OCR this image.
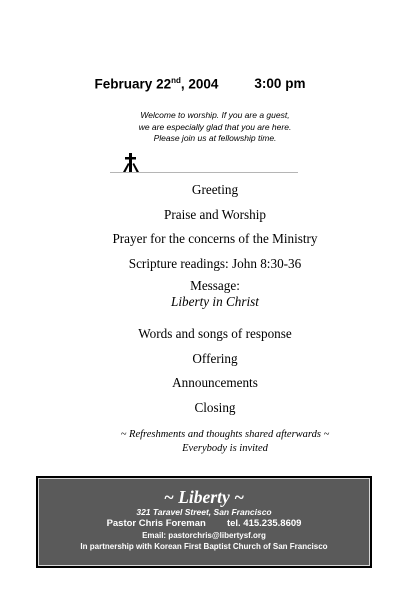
February 22nd, 2004	3:00 pm
Welcome to worship. If you are a guest,
we are especially glad that you are here.
Please join us at fellowship time.
Greeting
Praise and Worship
Prayer for the concerns of the Ministry
Scripture readings: John 8:30-36
Message:
Liberty in Christ
Words and songs of response
Offering
Announcements
Closing
~ Refreshments and thoughts shared afterwards ~
Everybody is invited
~ Liberty ~
321 Taravel Street, San Francisco
Pastor Chris Foreman tel. 415.235.8609
Email: pastorchris@libertysf.org
In partnership with Korean First Baptist Church of San Francisco
